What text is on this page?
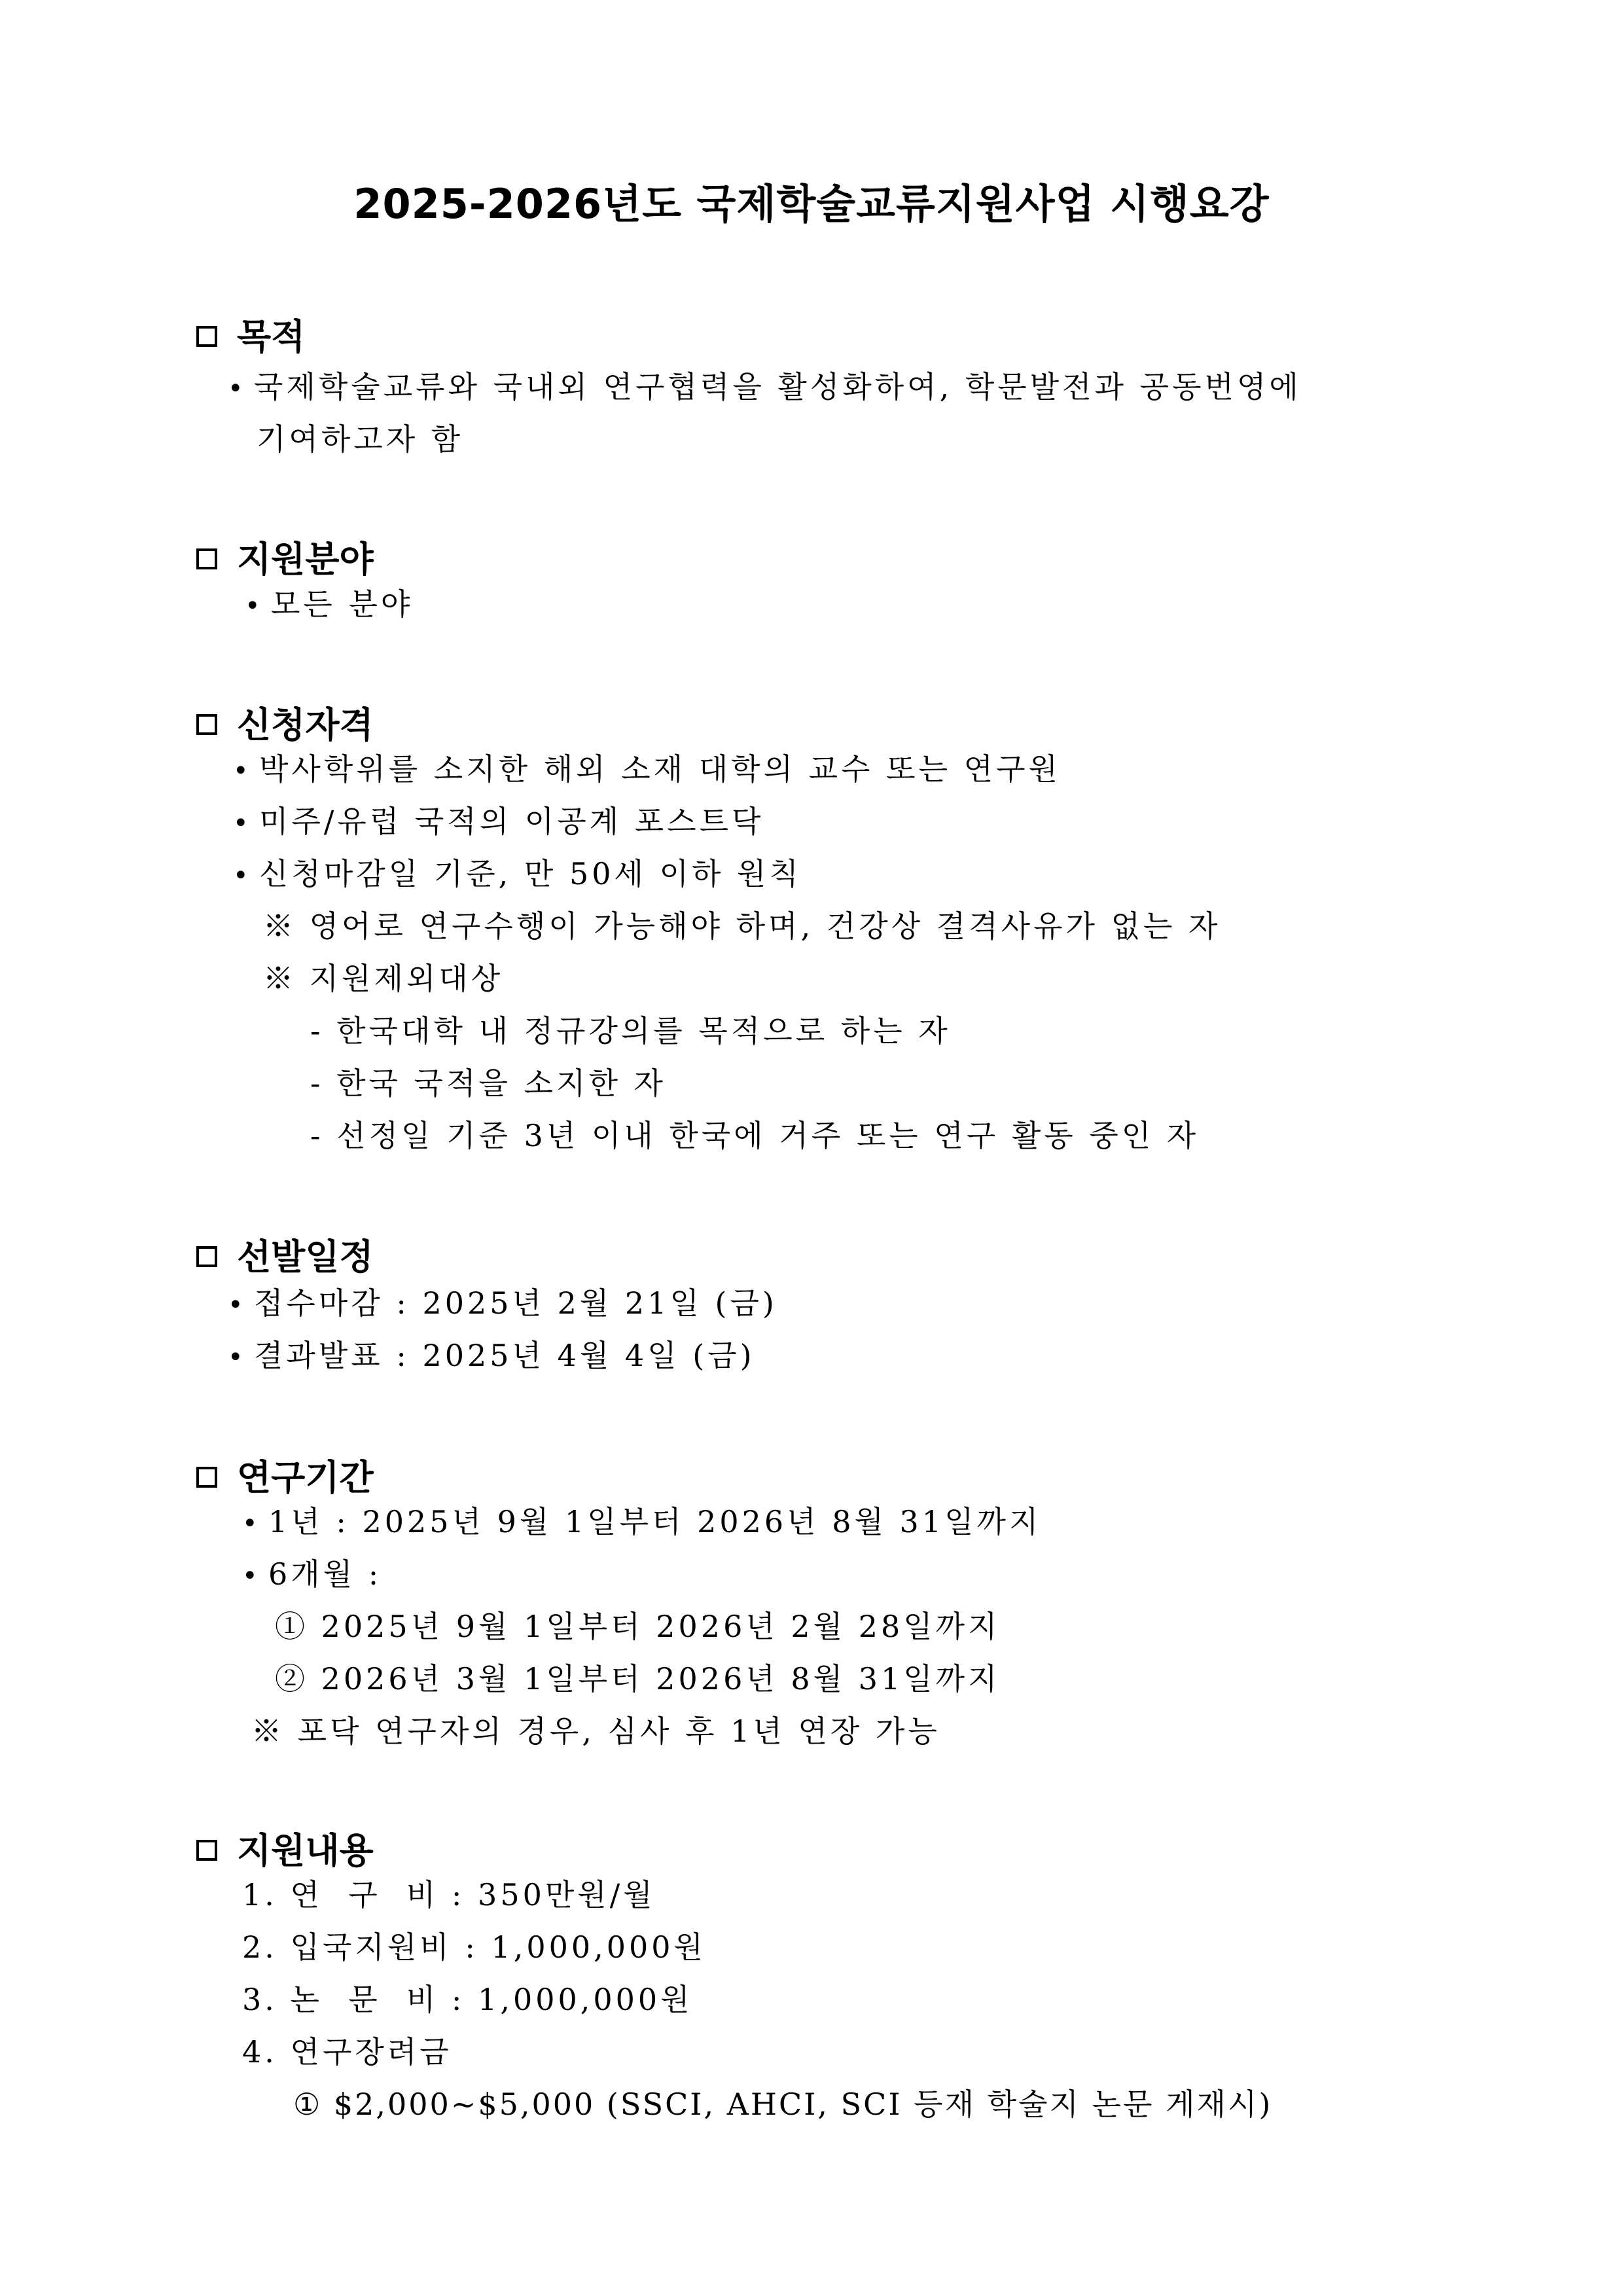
2025-2026년도 국제학술교류지원사업 시행요강
목적
• 국제학술교류와 국내외 연구협력을 활성화하여, 학문발전과 공동번영에
기여하고자 함
지원분야
• 모든 분야
신청자격
• 박사학위를 소지한 해외 소재 대학의 교수 또는 연구원
• 미주/유럽 국적의 이공계 포스트닥
• 신청마감일 기준, 만 50세 이하 원칙
※ 영어로 연구수행이 가능해야 하며, 건강상 결격사유가 없는 자
※ 지원제외대상
- 한국대학 내 정규강의를 목적으로 하는 자
- 한국 국적을 소지한 자
- 선정일 기준 3년 이내 한국에 거주 또는 연구 활동 중인 자
선발일정
• 접수마감 : 2025년 2월 21일 (금)
• 결과발표 : 2025년 4월 4일 (금)
연구기간
• 1년 : 2025년 9월 1일부터 2026년 8월 31일까지
• 6개월 :
① 2025년 9월 1일부터 2026년 2월 28일까지
② 2026년 3월 1일부터 2026년 8월 31일까지
※ 포닥 연구자의 경우, 심사 후 1년 연장 가능
지원내용
1. 연  구  비 : 350만원/월
2. 입국지원비 : 1,000,000원
3. 논  문  비 : 1,000,000원
4. 연구장려금
① $2,000~$5,000 (SSCI, AHCI, SCI 등재 학술지 논문 게재시)
